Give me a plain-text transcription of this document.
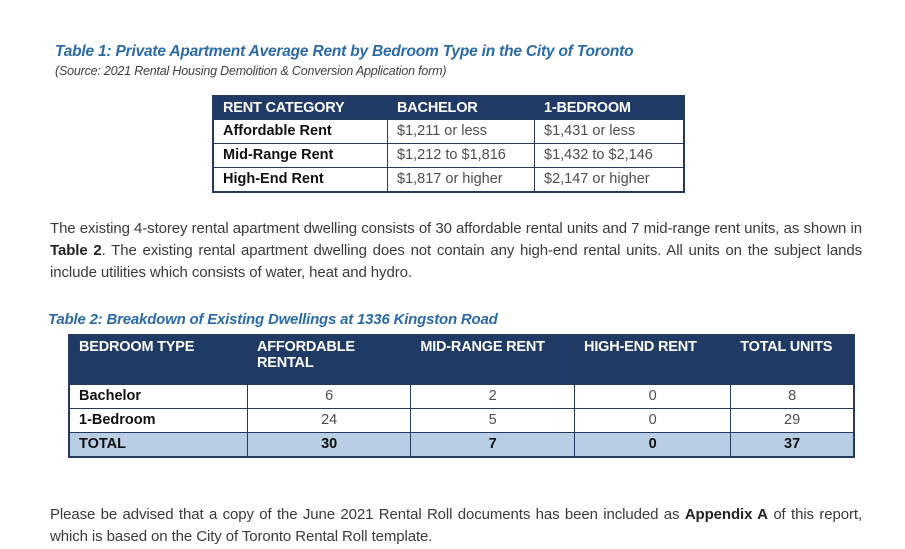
Table 1: Private Apartment Average Rent by Bedroom Type in the City of Toronto
(Source: 2021 Rental Housing Demolition & Conversion Application form)
RENT CATEGORY	BACHELOR	1-BEDROOM
Affordable Rent	$1,211 or less	$1,431 or less
Mid-Range Rent	$1,212 to $1,816	$1,432 to $2,146
High-End Rent	$1,817 or higher	$2,147 or higher

The existing 4-storey rental apartment dwelling consists of 30 affordable rental units and 7 mid-range rent units, as shown in Table 2. The existing rental apartment dwelling does not contain any high-end rental units. All units on the subject lands include utilities which consists of water, heat and hydro.

Table 2: Breakdown of Existing Dwellings at 1336 Kingston Road
BEDROOM TYPE	AFFORDABLE RENTAL	MID-RANGE RENT	HIGH-END RENT	TOTAL UNITS
Bachelor	6	2	0	8
1-Bedroom	24	5	0	29
TOTAL	30	7	0	37

Please be advised that a copy of the June 2021 Rental Roll documents has been included as Appendix A of this report, which is based on the City of Toronto Rental Roll template.
